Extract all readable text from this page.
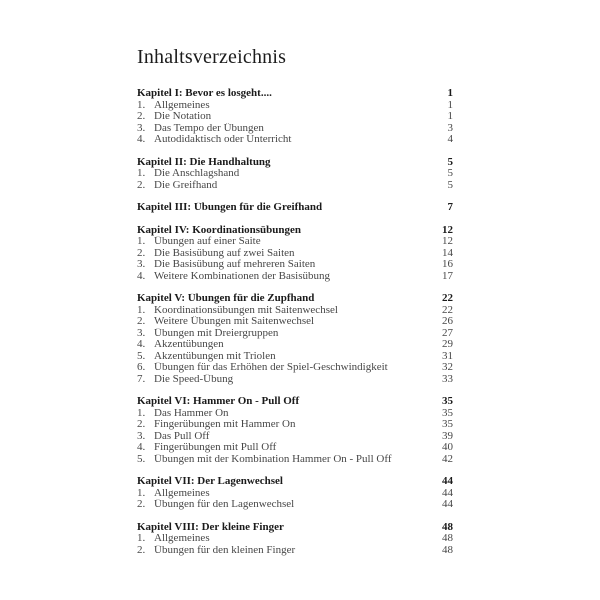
Inhaltsverzeichnis
Kapitel I: Bevor es losgeht....	1
1. Allgemeines	1
2. Die Notation	1
3. Das Tempo der Übungen	3
4. Autodidaktisch oder Unterricht	4
Kapitel II: Die Handhaltung	5
1. Die Anschlagshand	5
2. Die Greifhand	5
Kapitel III: Übungen für die Greifhand	7
Kapitel IV: Koordinationsübungen	12
1. Übungen auf einer Saite	12
2. Die Basisübung auf zwei Saiten	14
3. Die Basisübung auf mehreren Saiten	16
4. Weitere Kombinationen der Basisübung	17
Kapitel V: Übungen für die Zupfhand	22
1. Koordinationsübungen mit Saitenwechsel	22
2. Weitere Übungen mit Saitenwechsel	26
3. Übungen mit Dreiergruppen	27
4. Akzentübungen	29
5. Akzentübungen mit Triolen	31
6. Übungen für das Erhöhen der Spiel-Geschwindigkeit	32
7. Die Speed-Übung	33
Kapitel VI: Hammer On - Pull Off	35
1. Das Hammer On	35
2. Fingerübungen mit Hammer On	35
3. Das Pull Off	39
4. Fingerübungen mit Pull Off	40
5. Übungen mit der Kombination Hammer On - Pull Off	42
Kapitel VII: Der Lagenwechsel	44
1. Allgemeines	44
2. Übungen für den Lagenwechsel	44
Kapitel VIII: Der kleine Finger	48
1. Allgemeines	48
2. Übungen für den kleinen Finger	48
